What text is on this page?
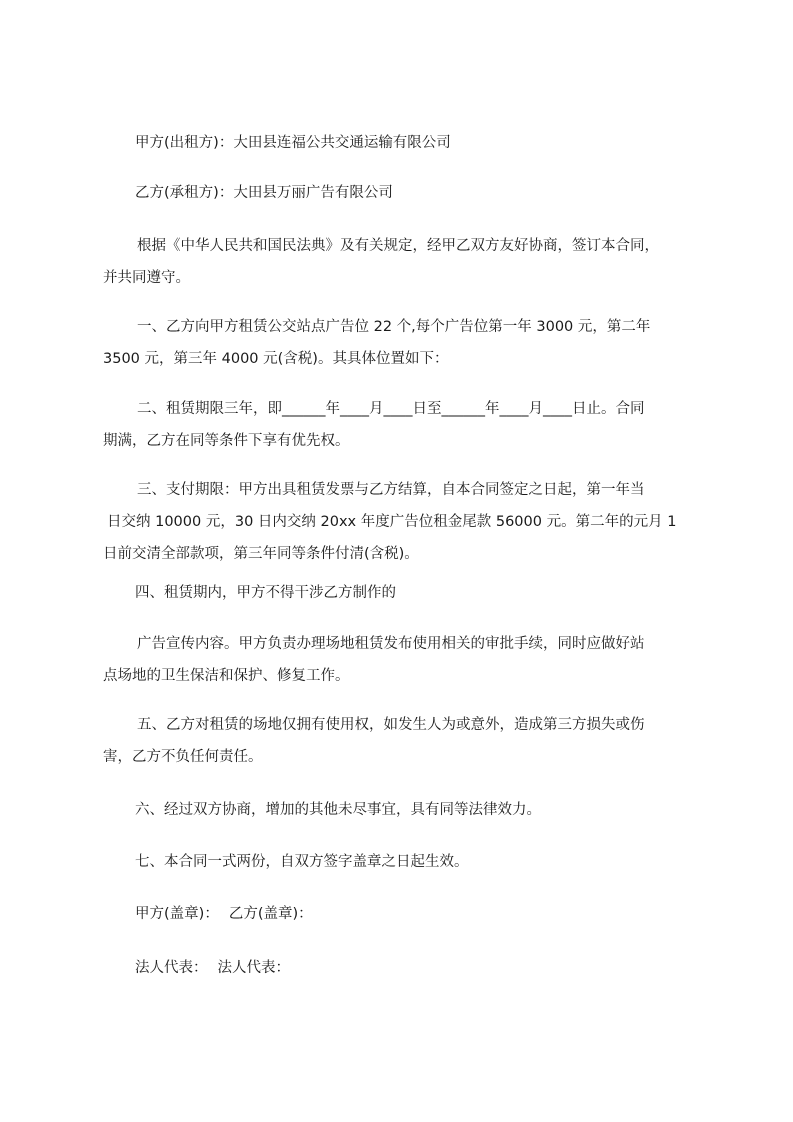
甲方(出租方)：大田县连福公共交通运输有限公司
乙方(承租方)：大田县万丽广告有限公司
根据《中华人民共和国民法典》及有关规定，经甲乙双方友好协商，签订本合同，
并共同遵守。
一、乙方向甲方租赁公交站点广告位 22 个,每个广告位第一年 3000 元，第二年
3500 元，第三年 4000 元(含税)。其具体位置如下：
二、租赁期限三年，即______年____月____日至______年____月____日止。合同
期满，乙方在同等条件下享有优先权。
三、支付期限：甲方出具租赁发票与乙方结算，自本合同签定之日起，第一年当
日交纳 10000 元，30 日内交纳 20xx 年度广告位租金尾款 56000 元。第二年的元月 1
日前交清全部款项，第三年同等条件付清(含税)。
四、租赁期内，甲方不得干涉乙方制作的
广告宣传内容。甲方负责办理场地租赁发布使用相关的审批手续，同时应做好站
点场地的卫生保洁和保护、修复工作。
五、乙方对租赁的场地仅拥有使用权，如发生人为或意外，造成第三方损失或伤
害，乙方不负任何责任。
六、经过双方协商，增加的其他未尽事宜，具有同等法律效力。
七、本合同一式两份，自双方签字盖章之日起生效。
甲方(盖章)： 乙方(盖章)：
法人代表： 法人代表：
